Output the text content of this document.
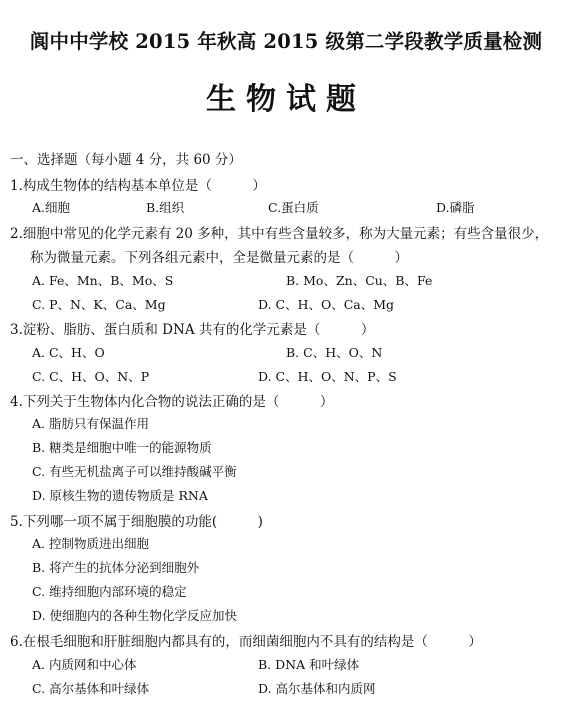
阆中中学校 2015 年秋高 2015 级第二学段教学质量检测
生物试题
一、选择题（每小题 4 分，共 60 分）
1.构成生物体的结构基本单位是（　　　）
A.细胞	B.组织	C.蛋白质	D.磷脂
2.细胞中常见的化学元素有 20 多种，其中有些含量较多，称为大量元素；有些含量很少，
称为微量元素。下列各组元素中，全是微量元素的是（　　　）
A. Fe、Mn、B、Mo、S	B. Mo、Zn、Cu、B、Fe
C. P、N、K、Ca、Mg	D. C、H、O、Ca、Mg
3.淀粉、脂肪、蛋白质和 DNA 共有的化学元素是（　　　）
A. C、H、O	B. C、H、O、N
C. C、H、O、N、P	D. C、H、O、N、P、S
4.下列关于生物体内化合物的说法正确的是（　　　）
A. 脂肪只有保温作用
B. 糖类是细胞中唯一的能源物质
C. 有些无机盐离子可以维持酸碱平衡
D. 原核生物的遗传物质是 RNA
5.下列哪一项不属于细胞膜的功能(　　　)
A. 控制物质进出细胞
B. 将产生的抗体分泌到细胞外
C. 维持细胞内部环境的稳定
D. 使细胞内的各种生物化学反应加快
6.在根毛细胞和肝脏细胞内都具有的，而细菌细胞内不具有的结构是（　　　）
A. 内质网和中心体	B. DNA 和叶绿体
C. 高尔基体和叶绿体	D. 高尔基体和内质网
